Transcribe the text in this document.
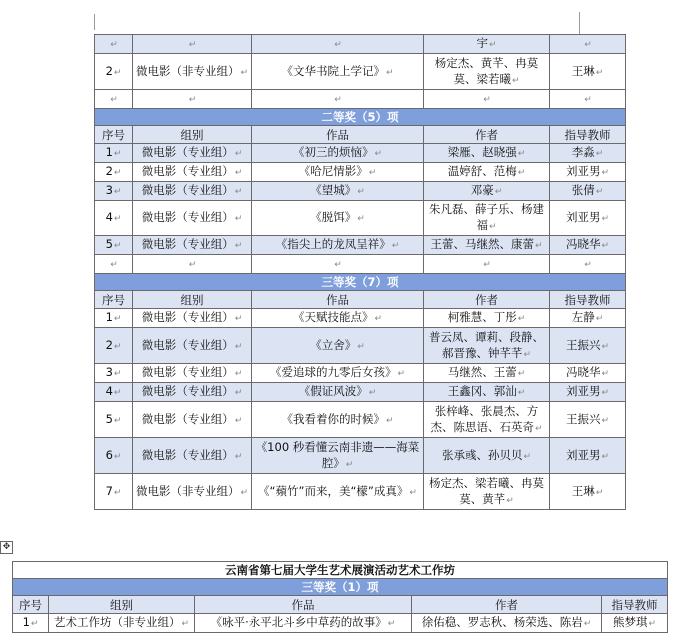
✥
↵	↵	↵	宇↵	↵
2↵	微电影（非专业组）↵	《文华书院上学记》↵	杨定杰、黄芊、冉莫莫、梁若曦↵	王琳↵
↵	↵	↵	↵	↵
二等奖（5）项				
序号	组别	作品	作者	指导教师
1↵	微电影（专业组）↵	《初三的烦恼》↵	梁雁、赵晓强↵	李淼↵
2↵	微电影（专业组）↵	《哈尼情影》↵	温婷舒、范梅↵	刘亚男↵
3↵	微电影（专业组）↵	《望城》↵	邓豪↵	张倩↵
4↵	微电影（专业组）↵	《脱饵》↵	朱凡磊、薛子乐、杨建福↵	刘亚男↵
5↵	微电影（专业组）↵	《指尖上的龙凤呈祥》↵	王蕾、马继然、康蕾↵	冯晓华↵
↵	↵	↵	↵	↵
三等奖（7）项				
序号	组别	作品	作者	指导教师
1↵	微电影（专业组）↵	《天赋技能点》↵	柯雅慧、丁彤↵	左静↵
2↵	微电影（专业组）↵	《立舍》↵	普云凤、谭莉、段静、郝晋豫、钟芊芊↵	王振兴↵
3↵	微电影（专业组）↵	《爱追球的九零后女孩》↵	马继然、王蕾↵	冯晓华↵
4↵	微电影（专业组）↵	《假证风波》↵	王鑫冈、郭汕↵	刘亚男↵
5↵	微电影（专业组）↵	《我看着你的时候》↵	张梓峰、张晨杰、方杰、陈思语、石英奇↵	王振兴↵
6↵	微电影（专业组）↵	《100 秒看懂云南非遗——海菜腔》↵	张承彧、孙贝贝↵	刘亚男↵
7↵	微电影（非专业组）↵	《“蘋竹”而来，美“檬”成真》↵	杨定杰、梁若曦、冉莫莫、黄芊↵	王琳↵
云南省第七届大学生艺术展演活动艺术工作坊				
三等奖（1）项				
序号	组别	作品	作者	指导教师
1↵	艺术工作坊（非专业组）↵	《咏平·永平北斗乡中草药的故事》↵	徐佑稳、罗志秋、杨荣选、陈岩↵	熊梦琪↵
